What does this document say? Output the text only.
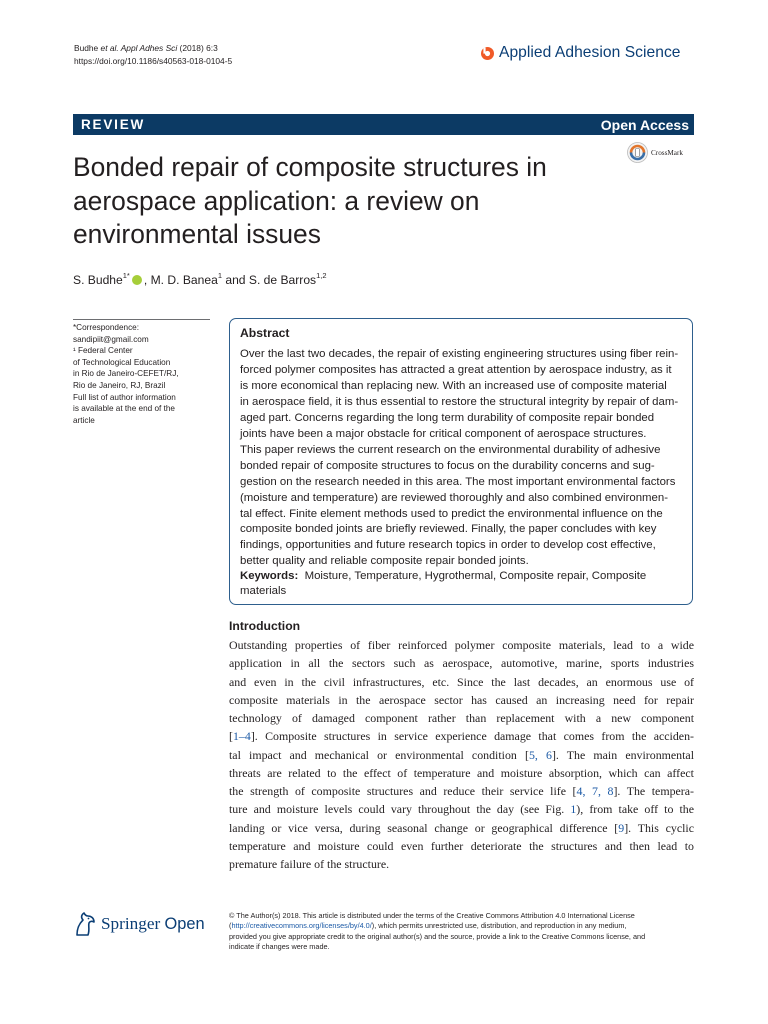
Budhe et al. Appl Adhes Sci (2018) 6:3
https://doi.org/10.1186/s40563-018-0104-5	Applied Adhesion Science
REVIEW	Open Access
CrossMark
Bonded repair of composite structures in aerospace application: a review on environmental issues
S. Budhe$^{1*}$ , M. D. Banea$^1$ and S. de Barros$^{1,2}$
*Correspondence:
sandipiit@gmail.com
¹ Federal Center
of Technological Education
in Rio de Janeiro-CEFET/RJ,
Rio de Janeiro, RJ, Brazil
Full list of author information
is available at the end of the
article
Abstract
Over the last two decades, the repair of existing engineering structures using fiber rein-
forced polymer composites has attracted a great attention by aerospace industry, as it
is more economical than replacing new. With an increased use of composite material
in aerospace field, it is thus essential to restore the structural integrity by repair of dam-
aged part. Concerns regarding the long term durability of composite repair bonded
joints have been a major obstacle for critical component of aerospace structures.
This paper reviews the current research on the environmental durability of adhesive
bonded repair of composite structures to focus on the durability concerns and sug-
gestion on the research needed in this area. The most important environmental factors
(moisture and temperature) are reviewed thoroughly and also combined environmen-
tal effect. Finite element methods used to predict the environmental influence on the
composite bonded joints are briefly reviewed. Finally, the paper concludes with key
findings, opportunities and future research topics in order to develop cost effective,
better quality and reliable composite repair bonded joints.
Keywords: Moisture, Temperature, Hygrothermal, Composite repair, Composite materials
Introduction
Outstanding properties of fiber reinforced polymer composite materials, lead to a wide
application in all the sectors such as aerospace, automotive, marine, sports industries
and even in the civil infrastructures, etc. Since the last decades, an enormous use of
composite materials in the aerospace sector has caused an increasing need for repair
technology of damaged component rather than replacement with a new component
[1–4]. Composite structures in service experience damage that comes from the acciden-
tal impact and mechanical or environmental condition [5, 6]. The main environmental
threats are related to the effect of temperature and moisture absorption, which can affect
the strength of composite structures and reduce their service life [4, 7, 8]. The tempera-
ture and moisture levels could vary throughout the day (see Fig. 1), from take off to the
landing or vice versa, during seasonal change or geographical difference [9]. This cyclic
temperature and moisture could even further deteriorate the structures and then lead to
premature failure of the structure.
Springer Open	© The Author(s) 2018. This article is distributed under the terms of the Creative Commons Attribution 4.0 International License
(http://creativecommons.org/licenses/by/4.0/), which permits unrestricted use, distribution, and reproduction in any medium,
provided you give appropriate credit to the original author(s) and the source, provide a link to the Creative Commons license, and
indicate if changes were made.
